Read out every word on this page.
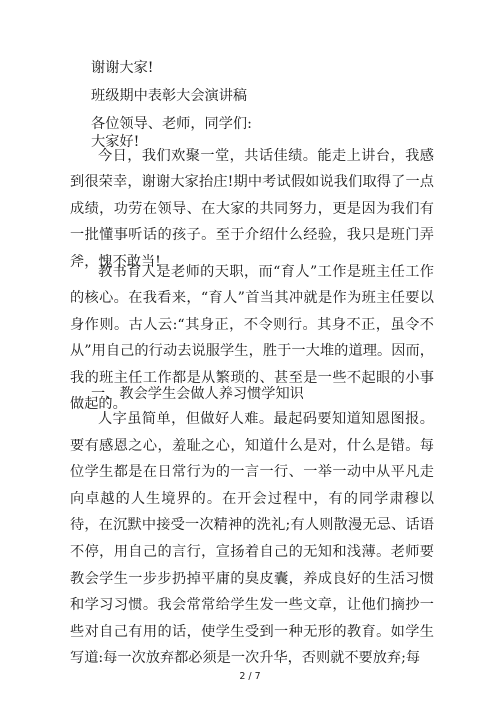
谢谢大家!
班级期中表彰大会演讲稿
各位领导、老师，同学们:
大家好!

今日，我们欢聚一堂，共话佳绩。能走上讲台，我感到很荣幸，谢谢大家抬庄!期中考试假如说我们取得了一点成绩，功劳在领导、在大家的共同努力，更是因为我们有一批懂事听话的孩子。至于介绍什么经验，我只是班门弄斧，愧不敢当!

教书育人是老师的天职，而“育人”工作是班主任工作的核心。在我看来，“育人”首当其冲就是作为班主任要以身作则。古人云:“其身正，不令则行。其身不正，虽令不从”用自己的行动去说服学生，胜于一大堆的道理。因而，我的班主任工作都是从繁琐的、甚至是一些不起眼的小事做起的。

一、教会学生会做人养习惯学知识

人字虽简单，但做好人难。最起码要知道知恩图报。要有感恩之心，羞耻之心，知道什么是对，什么是错。每位学生都是在日常行为的一言一行、一举一动中从平凡走向卓越的人生境界的。在开会过程中，有的同学肃穆以待，在沉默中接受一次精神的洗礼;有人则散漫无忌、话语不停，用自己的言行，宣扬着自己的无知和浅薄。老师要教会学生一步步扔掉平庸的臭皮囊，养成良好的生活习惯和学习习惯。我会常常给学生发一些文章，让他们摘抄一些对自己有用的话，使学生受到一种无形的教育。如学生写道:每一次放弃都必须是一次升华，否则就不要放弃;每

2 / 7
